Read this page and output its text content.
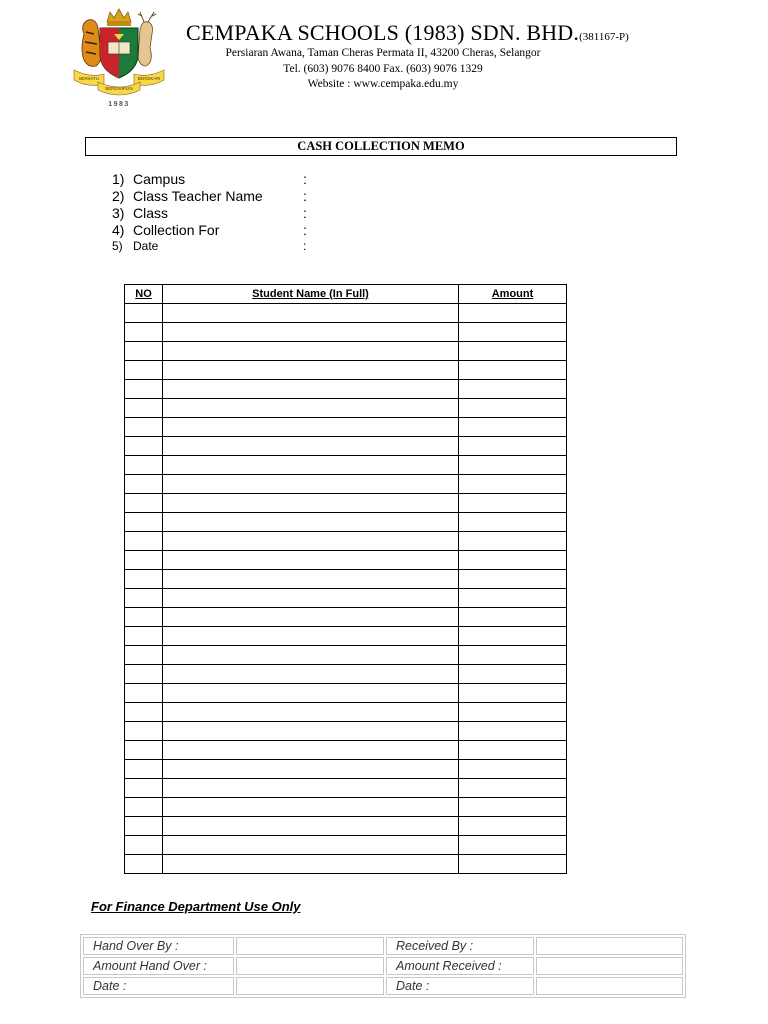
BERSATU	BERDIKARI
BERDISIPLIN
1983
CEMPAKA SCHOOLS (1983) SDN. BHD.(381167-P)
Persiaran Awana, Taman Cheras Permata II, 43200 Cheras, Selangor
Tel. (603) 9076 8400 Fax. (603) 9076 1329
Website : www.cempaka.edu.my
CASH COLLECTION MEMO
1) Campus	:
2) Class Teacher Name	:
3) Class	:
4) Collection For	:
5) Date	:
NO	Student Name (In Full)	Amount

For Finance Department Use Only
Hand Over By :		Received By :	
Amount Hand Over :		Amount Received :	
Date :		Date :	
